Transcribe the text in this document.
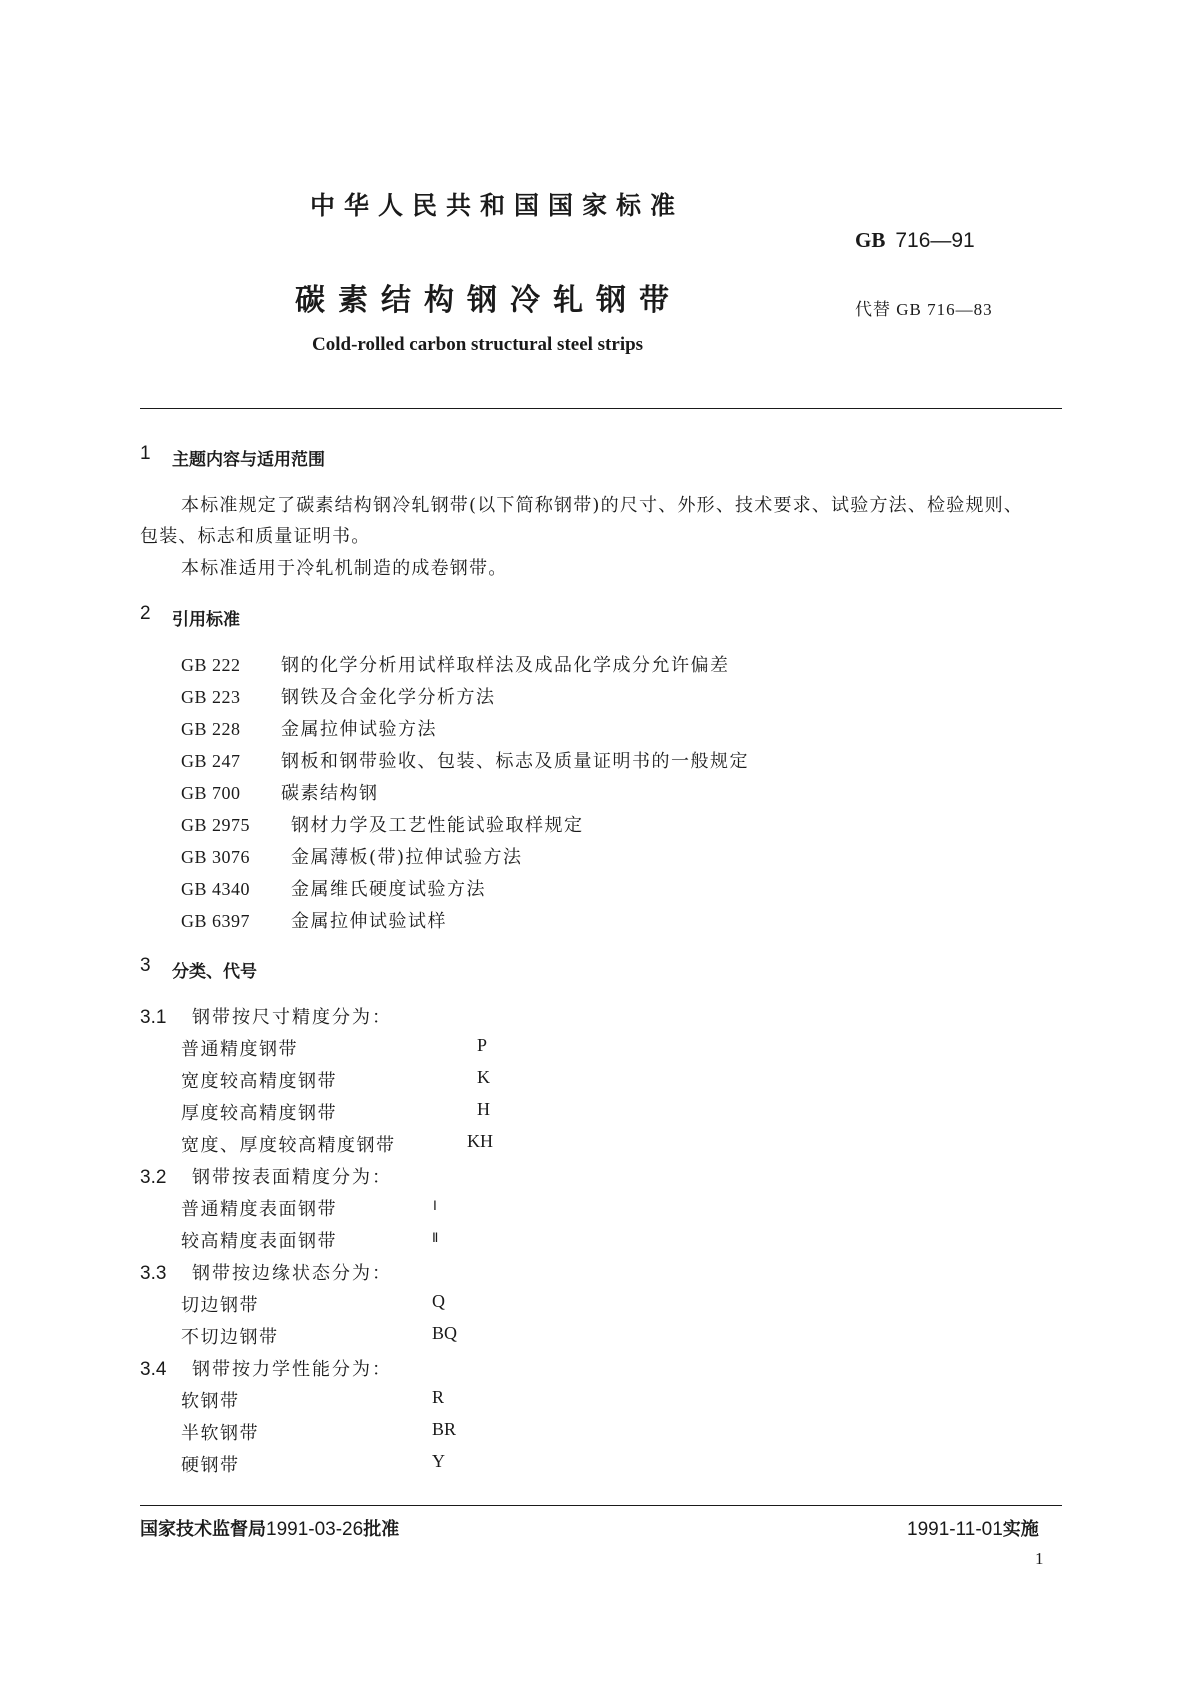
中华人民共和国国家标准
GB 716—91
碳素结构钢冷轧钢带	代替 GB 716—83
Cold-rolled carbon structural steel strips
1 主题内容与适用范围
本标准规定了碳素结构钢冷轧钢带(以下简称钢带)的尺寸、外形、技术要求、试验方法、检验规则、
包装、标志和质量证明书。
本标准适用于冷轧机制造的成卷钢带。
2 引用标准
GB 222 钢的化学分析用试样取样法及成品化学成分允许偏差
GB 223 钢铁及合金化学分析方法
GB 228 金属拉伸试验方法
GB 247 钢板和钢带验收、包装、标志及质量证明书的一般规定
GB 700 碳素结构钢
GB 2975 钢材力学及工艺性能试验取样规定
GB 3076 金属薄板(带)拉伸试验方法
GB 4340 金属维氏硬度试验方法
GB 6397 金属拉伸试验试样
3 分类、代号
3.1 钢带按尺寸精度分为：
普通精度钢带	P
宽度较高精度钢带	K
厚度较高精度钢带	H
宽度、厚度较高精度钢带	KH
3.2 钢带按表面精度分为：
普通精度表面钢带	Ⅰ
较高精度表面钢带	Ⅱ
3.3 钢带按边缘状态分为：
切边钢带	Q
不切边钢带	BQ
3.4 钢带按力学性能分为：
软钢带	R
半软钢带	BR
硬钢带	Y
国家技术监督局1991-03-26批准	1991-11-01实施
1
